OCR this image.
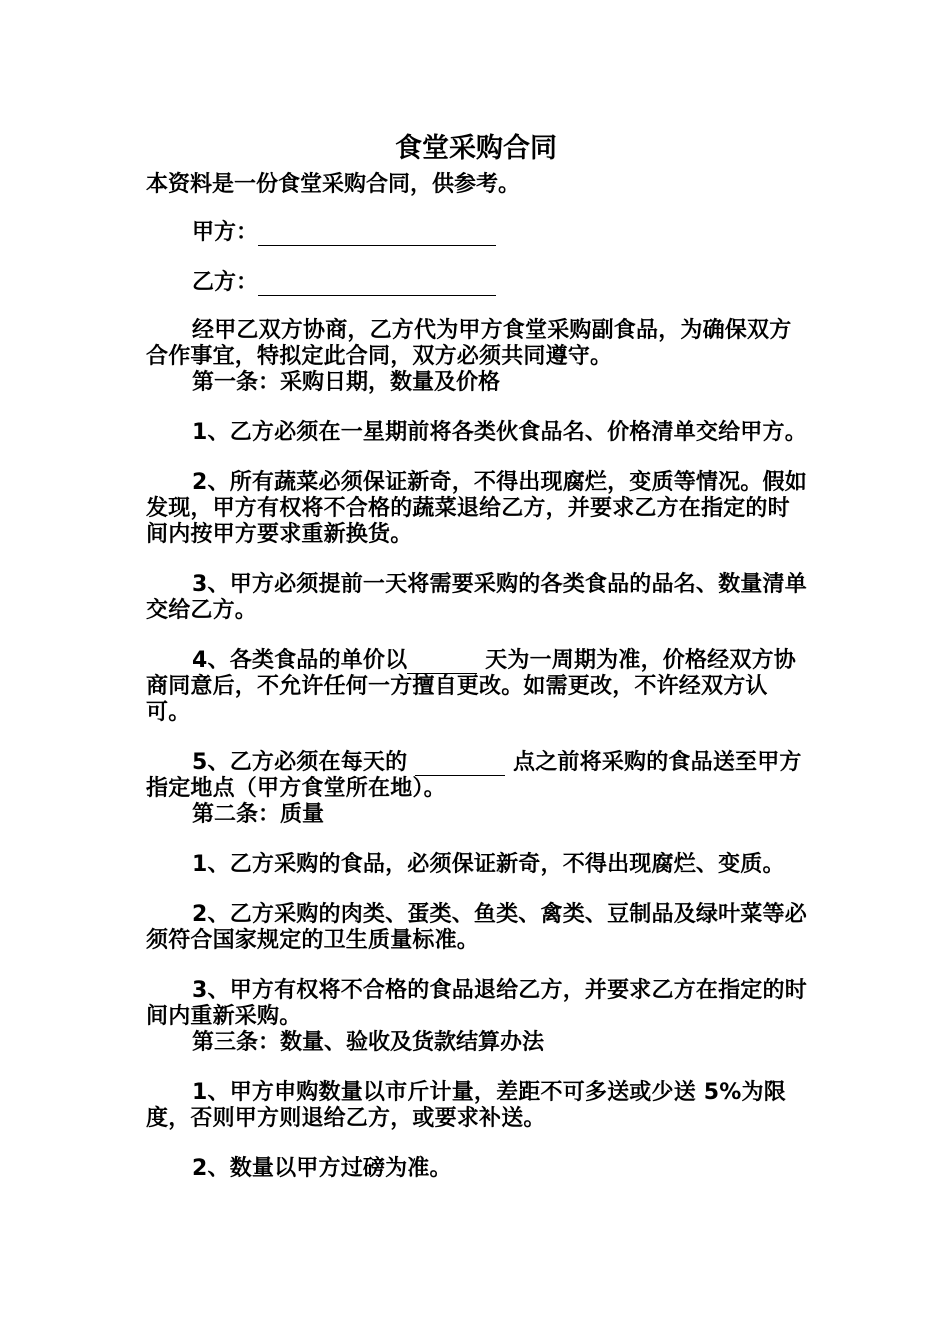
食堂采购合同
本资料是一份食堂采购合同，供参考。
甲方：
乙方：
经甲乙双方协商，乙方代为甲方食堂采购副食品，为确保双方合作事宜，特拟定此合同，双方必须共同遵守。
第一条：采购日期，数量及价格
1、乙方必须在一星期前将各类伙食品名、价格清单交给甲方。
2、所有蔬菜必须保证新奇，不得出现腐烂，变质等情况。假如发现，甲方有权将不合格的蔬菜退给乙方，并要求乙方在指定的时间内按甲方要求重新换货。
3、甲方必须提前一天将需要采购的各类食品的品名、数量清单交给乙方。
4、各类食品的单价以	天为一周期为准，价格经双方协商同意后，不允许任何一方擅自更改。如需更改，不许经双方认可。
5、乙方必须在每天的	点之前将采购的食品送至甲方指定地点（甲方食堂所在地）。
第二条：质量
1、乙方采购的食品，必须保证新奇，不得出现腐烂、变质。
2、乙方采购的肉类、蛋类、鱼类、禽类、豆制品及绿叶菜等必须符合国家规定的卫生质量标准。
3、甲方有权将不合格的食品退给乙方，并要求乙方在指定的时间内重新采购。
第三条：数量、验收及货款结算办法
1、甲方申购数量以市斤计量，差距不可多送或少送 5%为限度，否则甲方则退给乙方，或要求补送。
2、数量以甲方过磅为准。
